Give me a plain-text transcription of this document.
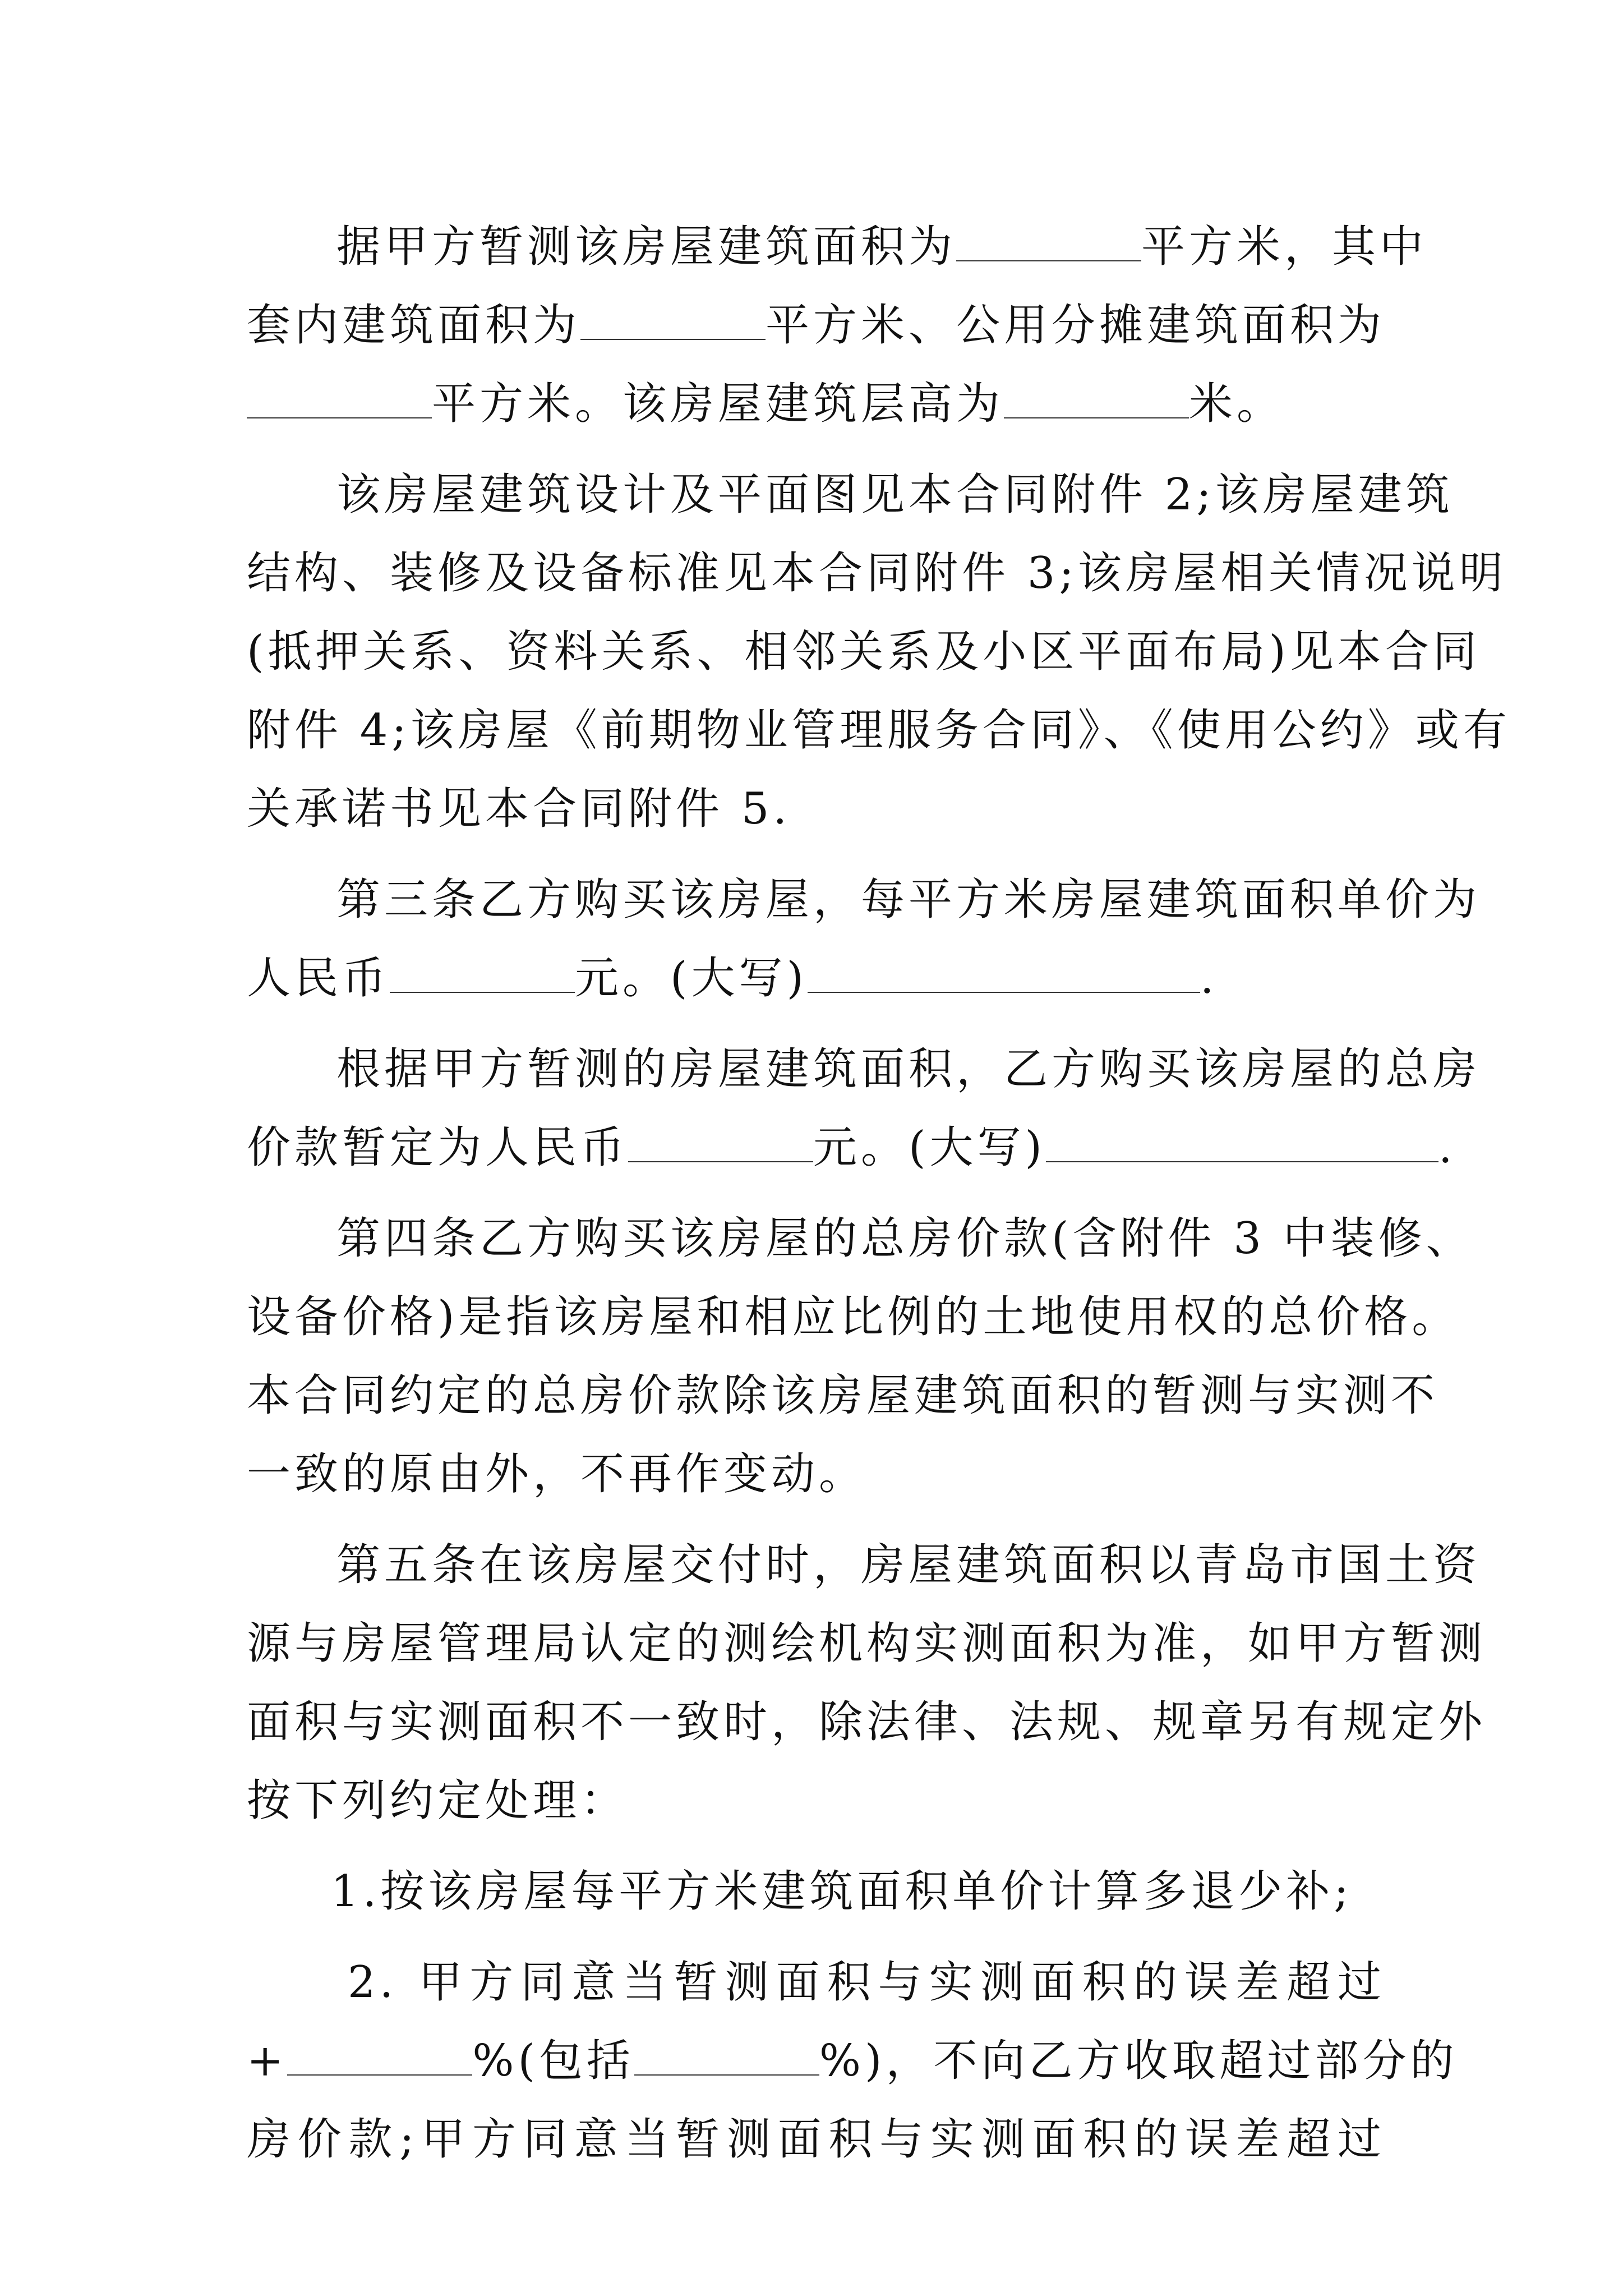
据甲方暂测该房屋建筑面积为	平方米，其中
套内建筑面积为	平方米、公用分摊建筑面积为
平方米。该房屋建筑层高为	米。
该房屋建筑设计及平面图见本合同附件 2;该房屋建筑
结构、装修及设备标准见本合同附件 3;该房屋相关情况说明
(抵押关系、资料关系、相邻关系及小区平面布局)见本合同
附件 4;该房屋《前期物业管理服务合同》、《使用公约》或有
关承诺书见本合同附件 5.
第三条乙方购买该房屋，每平方米房屋建筑面积单价为
人民币	元。(大写)	.
根据甲方暂测的房屋建筑面积，乙方购买该房屋的总房
价款暂定为人民币	元。(大写)	.
第四条乙方购买该房屋的总房价款(含附件 3 中装修、
设备价格)是指该房屋和相应比例的土地使用权的总价格。
本合同约定的总房价款除该房屋建筑面积的暂测与实测不
一致的原由外，不再作变动。
第五条在该房屋交付时，房屋建筑面积以青岛市国土资
源与房屋管理局认定的测绘机构实测面积为准，如甲方暂测
面积与实测面积不一致时，除法律、法规、规章另有规定外
按下列约定处理：
1.按该房屋每平方米建筑面积单价计算多退少补;
2. 甲方同意当暂测面积与实测面积的误差超过
+	%(包括	%)，不向乙方收取超过部分的
房价款;甲方同意当暂测面积与实测面积的误差超过
